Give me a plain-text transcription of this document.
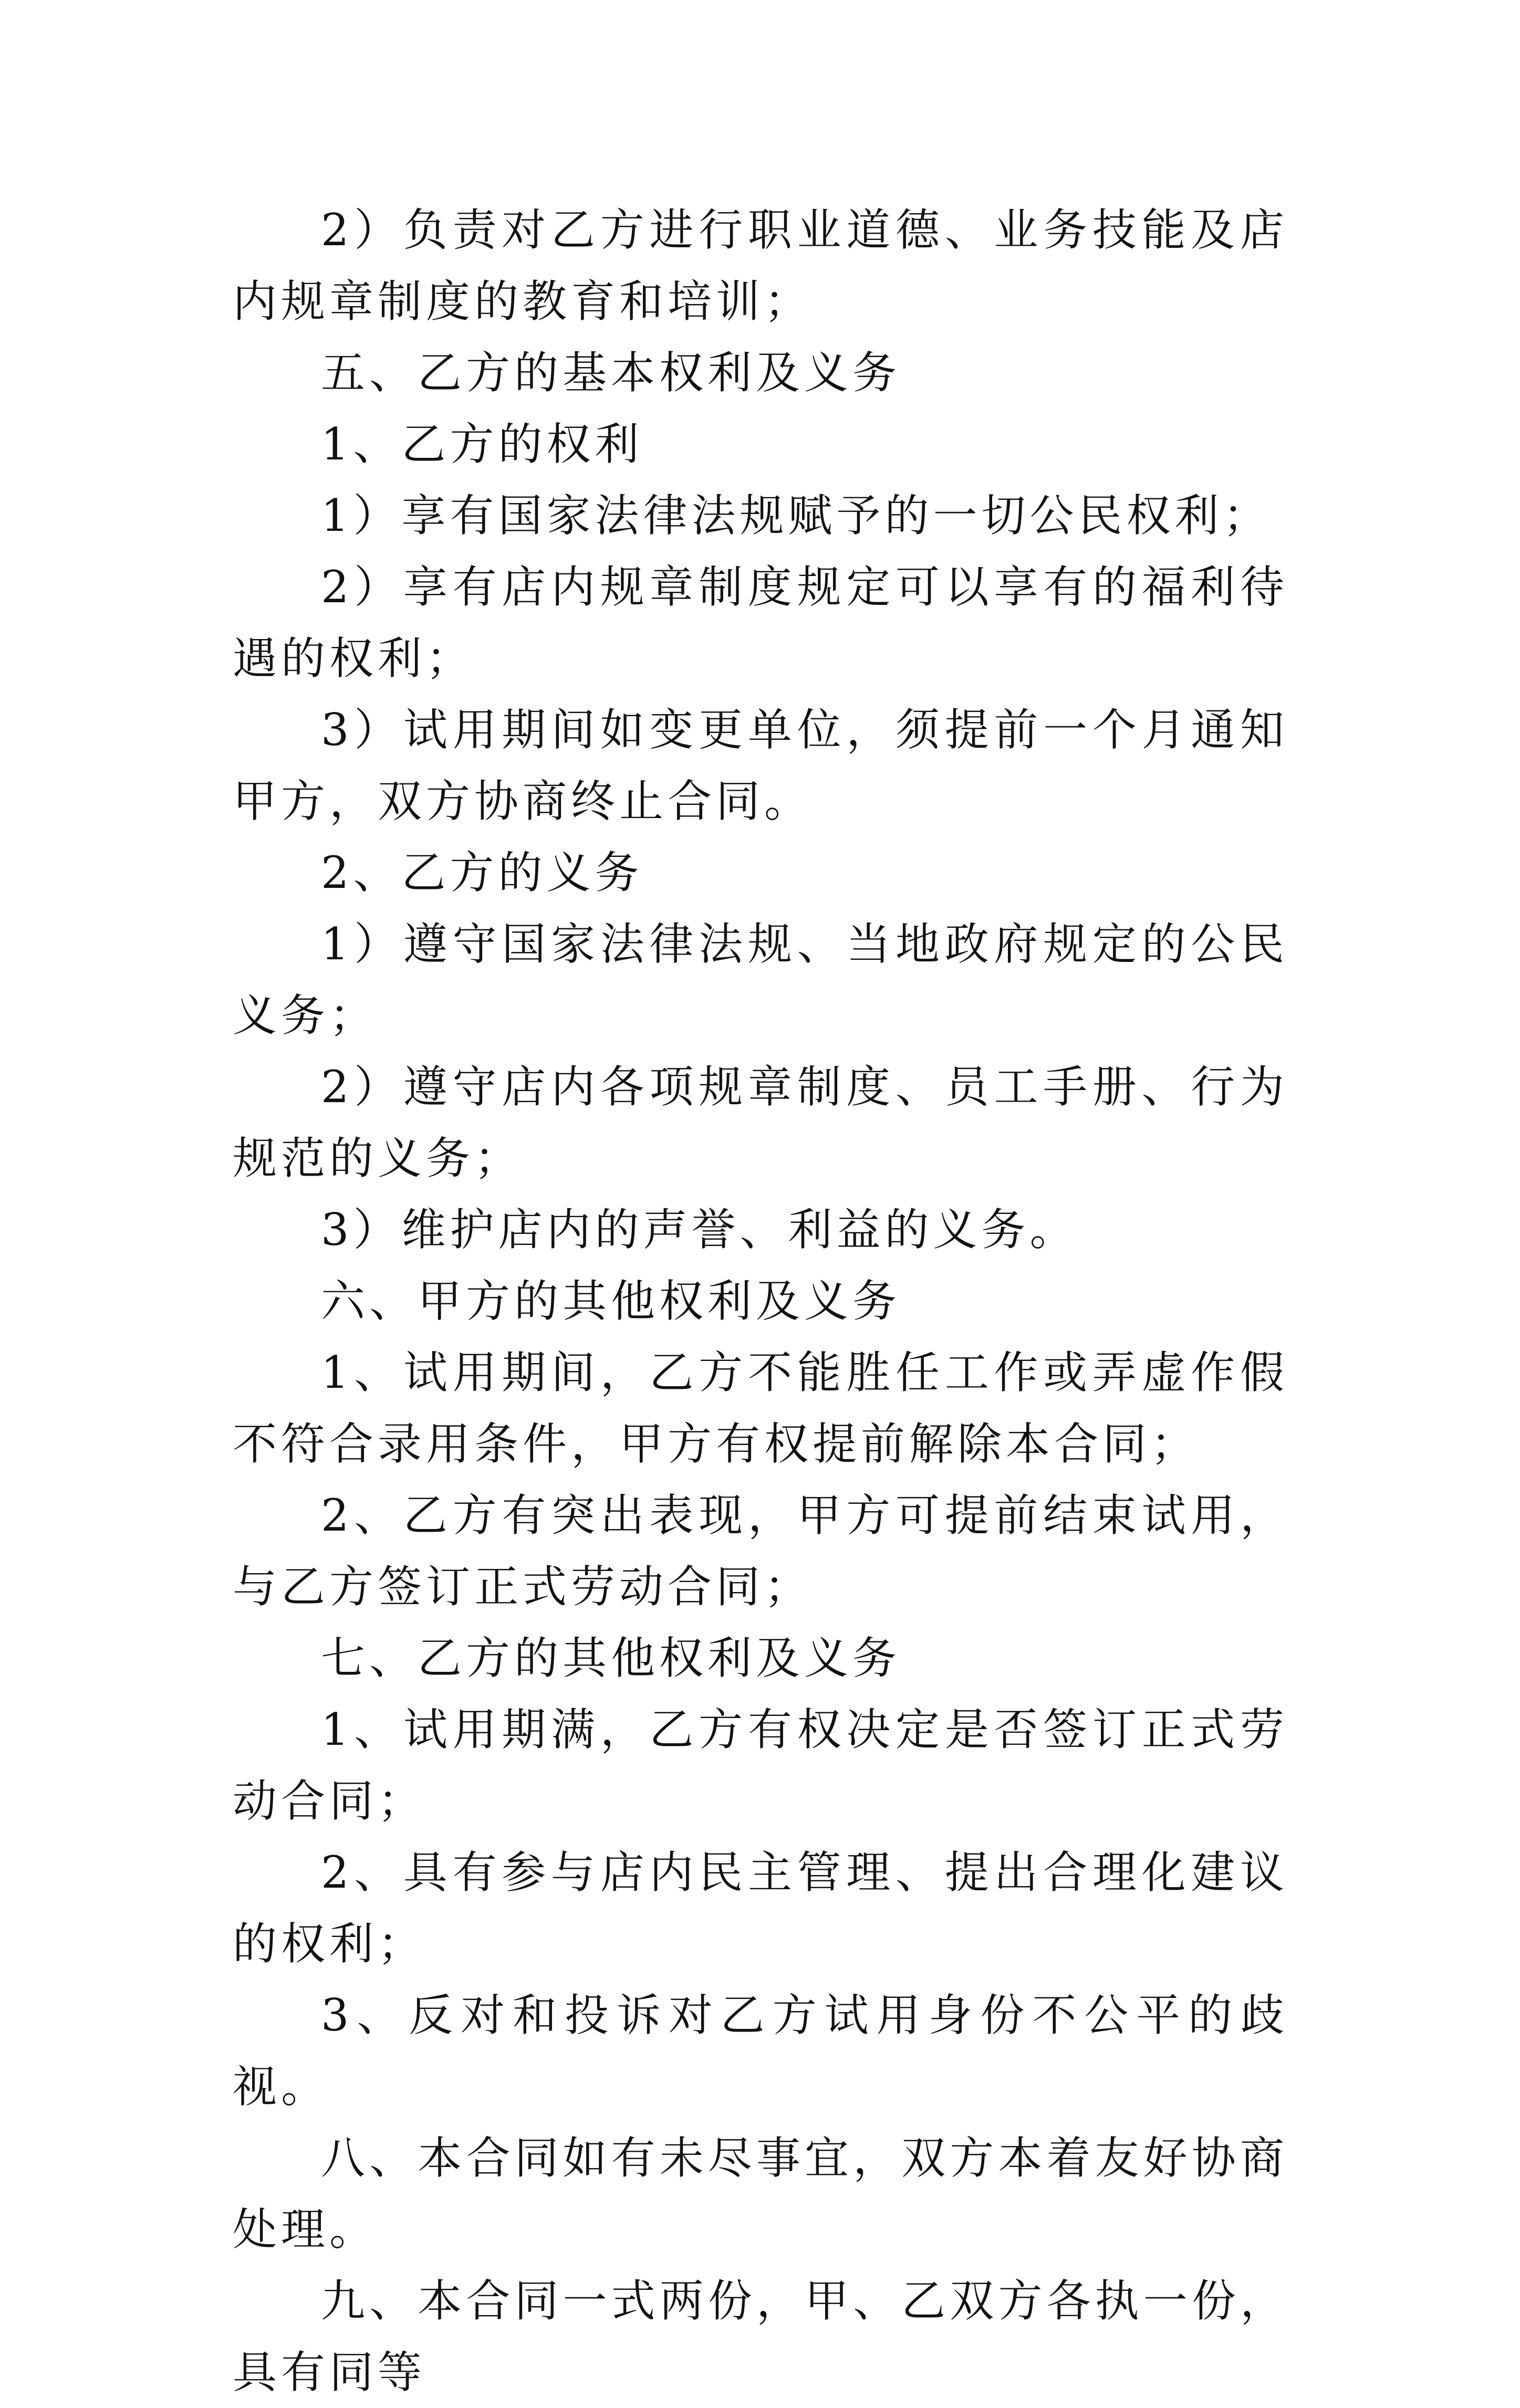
2）负责对乙方进行职业道德、业务技能及店内规章制度的教育和培训；

五、乙方的基本权利及义务

1、乙方的权利

1）享有国家法律法规赋予的一切公民权利；

2）享有店内规章制度规定可以享有的福利待遇的权利；

3）试用期间如变更单位，须提前一个月通知甲方，双方协商终止合同。

2、乙方的义务

1）遵守国家法律法规、当地政府规定的公民义务；

2）遵守店内各项规章制度、员工手册、行为规范的义务；

3）维护店内的声誉、利益的义务。

六、甲方的其他权利及义务

1、试用期间，乙方不能胜任工作或弄虚作假不符合录用条件，甲方有权提前解除本合同；

2、乙方有突出表现，甲方可提前结束试用，与乙方签订正式劳动合同；

七、乙方的其他权利及义务

1、试用期满，乙方有权决定是否签订正式劳动合同；

2、具有参与店内民主管理、提出合理化建议的权利；

3、反对和投诉对乙方试用身份不公平的歧视。

八、本合同如有未尽事宜，双方本着友好协商处理。

九、本合同一式两份，甲、乙双方各执一份，具有同等
